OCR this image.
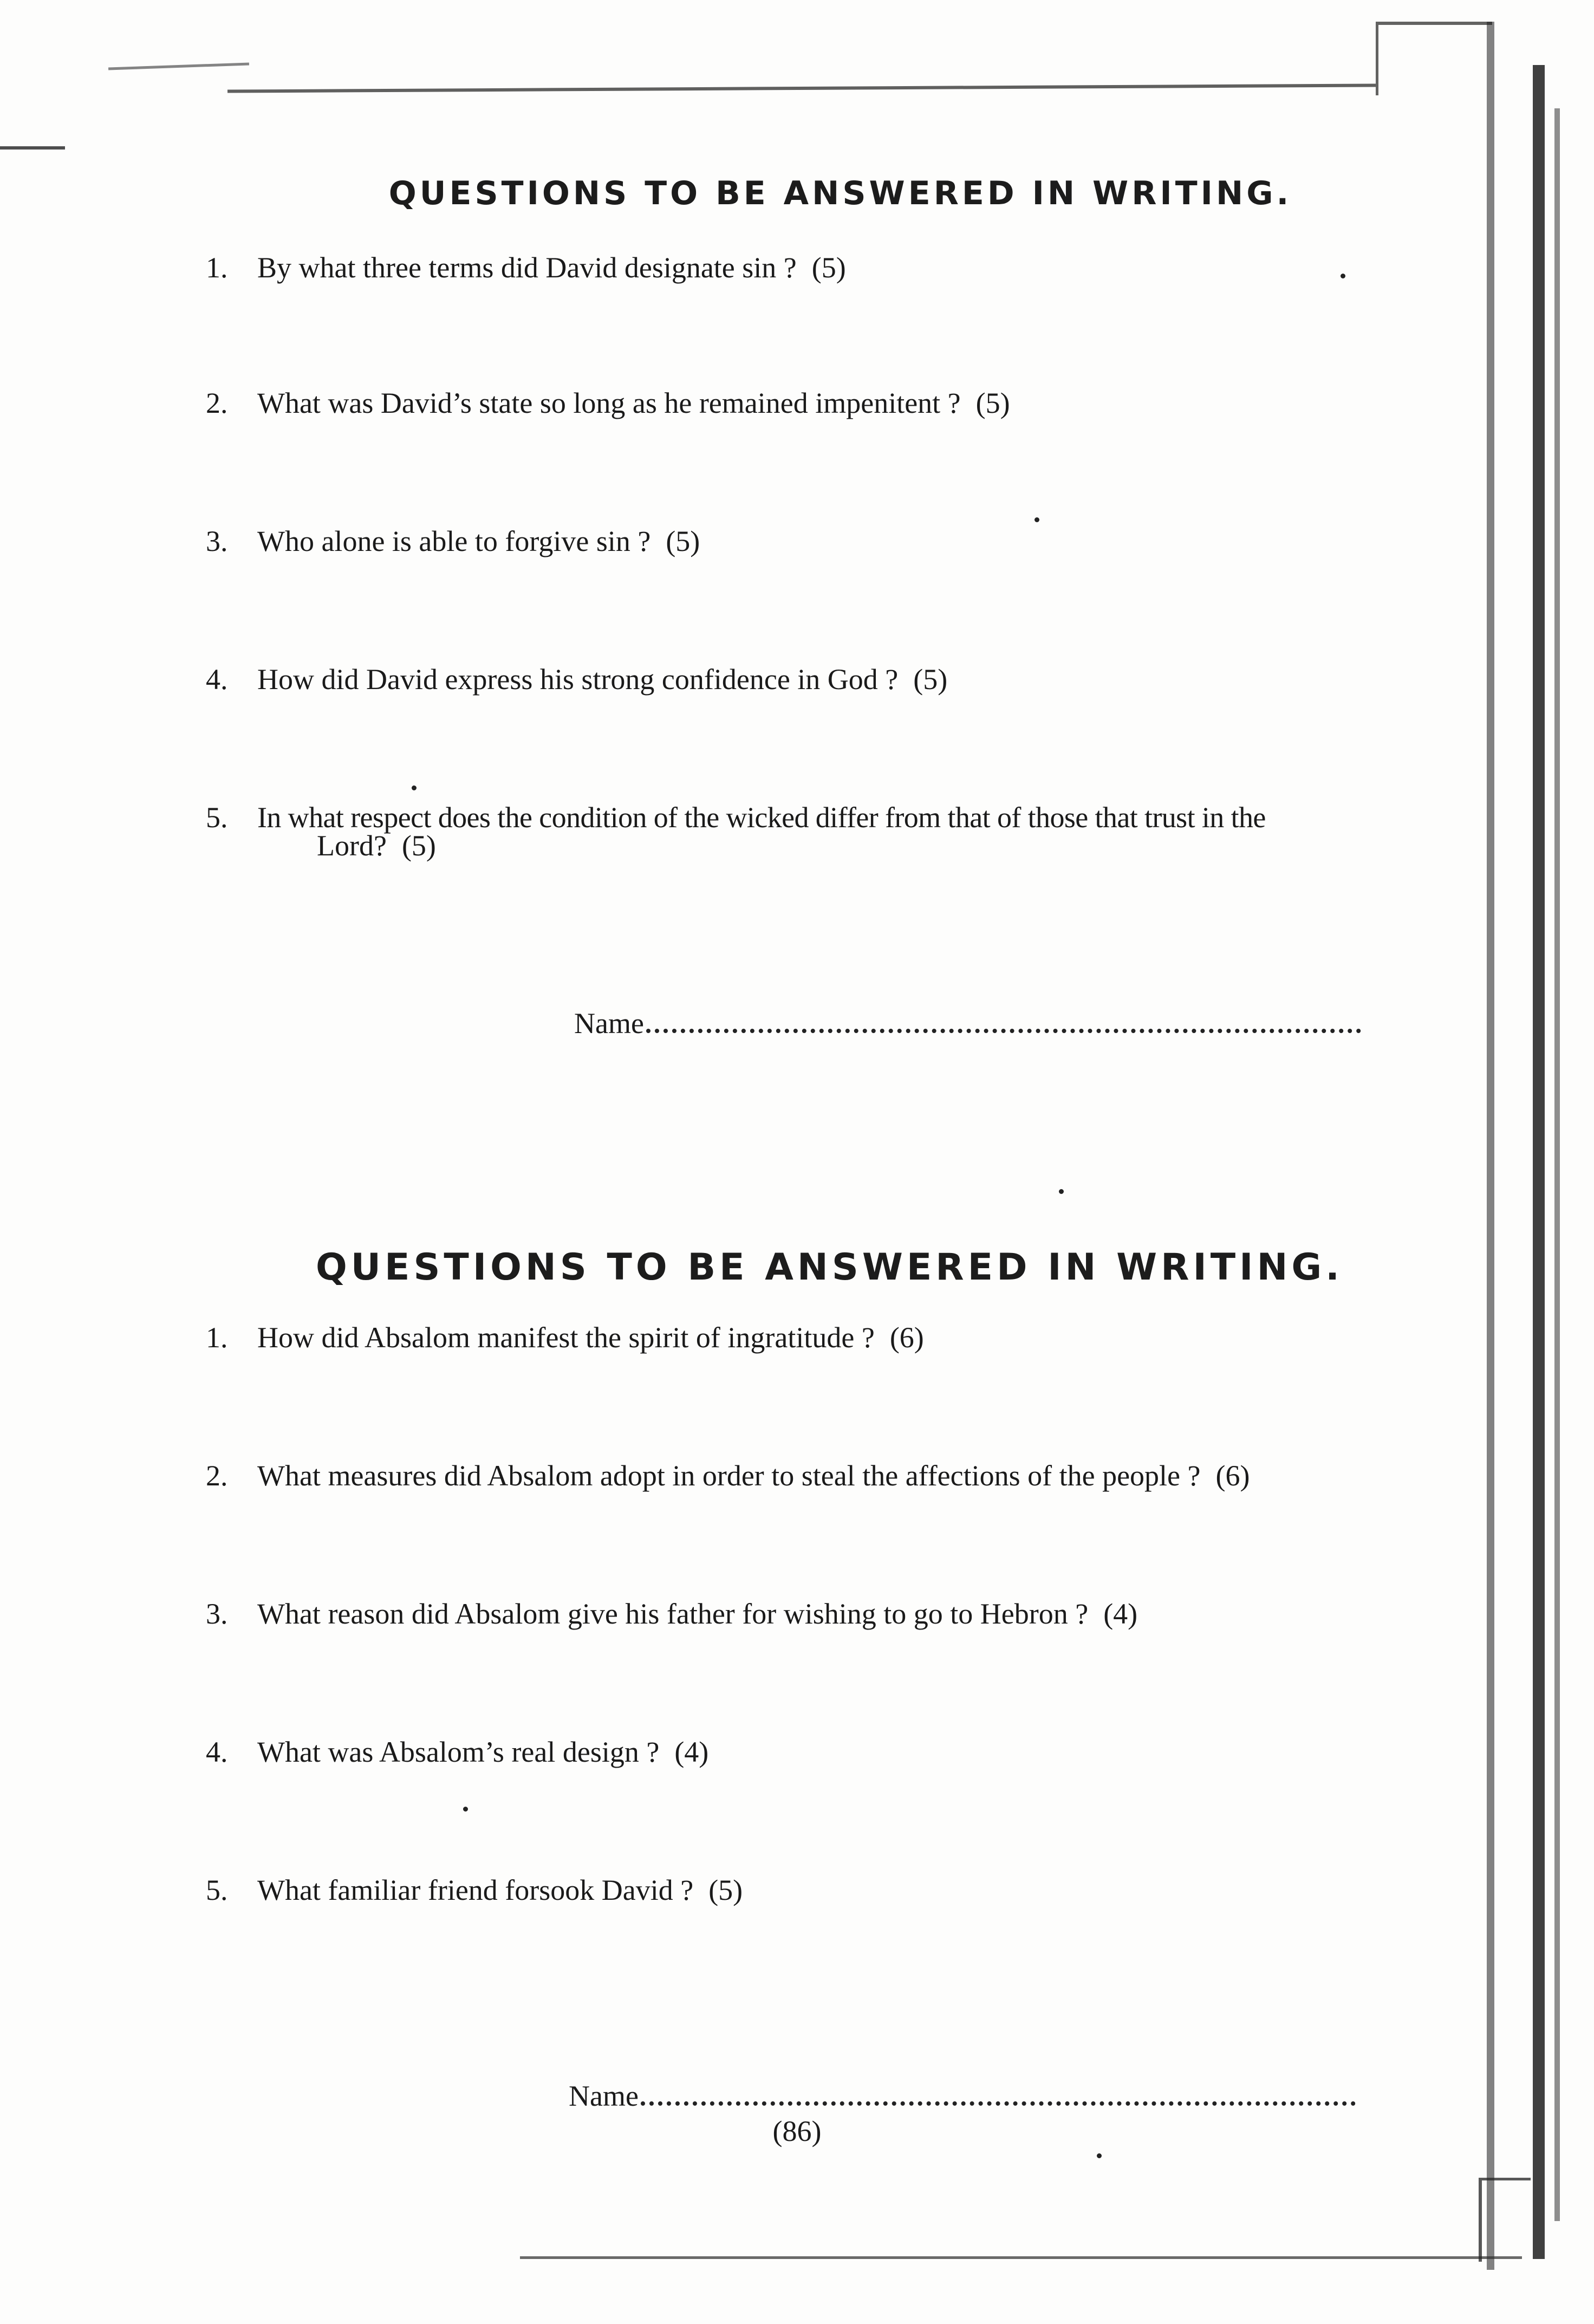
QUESTIONS TO BE ANSWERED IN WRITING.
1.	By what three terms did David designate sin ? (5)
2.	What was David’s state so long as he remained impenitent ? (5)
3.	Who alone is able to forgive sin ? (5)
4.	How did David express his strong confidence in God ? (5)
5.	In what respect does the condition of the wicked differ from that of those that trust in the
Lord? (5)
Name
QUESTIONS TO BE ANSWERED IN WRITING.
1.	How did Absalom manifest the spirit of ingratitude ? (6)
2.	What measures did Absalom adopt in order to steal the affections of the people ? (6)
3.	What reason did Absalom give his father for wishing to go to Hebron ? (4)
4.	What was Absalom’s real design ? (4)
5.	What familiar friend forsook David ? (5)
Name
(86)
